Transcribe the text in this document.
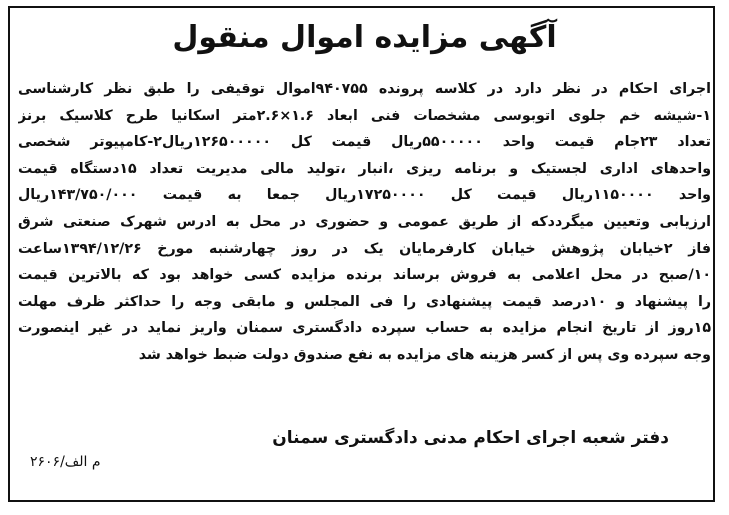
آگهی مزایده اموال منقول
اجرای احکام در نظر دارد در کلاسه پرونده ۹۴۰۷۵۵اموال توقیفی را طبق نظر کارشناسی
۱-شیشه خم جلوی اتوبوسی مشخصات فنی ابعاد ۱.۶×۲.۶متر اسکانیا طرح کلاسیک برنز
تعداد ۲۳جام قیمت واحد ۵۵۰۰۰۰۰ریال قیمت کل ۱۲۶۵۰۰۰۰۰ریال۲-کامپیوتر شخصی
واحدهای اداری لجستیک و برنامه ریزی ،انبار ،تولید مالی مدیریت تعداد ۱۵دستگاه قیمت
واحد ۱۱۵۰۰۰۰ریال قیمت کل ۱۷۲۵۰۰۰۰ریال جمعا به قیمت ۱۴۳/۷۵۰/۰۰۰ریال
ارزیابی وتعیین میگرددکه از طریق عمومی و حضوری در محل به ادرس شهرک صنعتی شرق
فاز ۲خیابان پژوهش خیابان کارفرمایان یک در روز چهارشنبه مورخ ۱۳۹۴/۱۲/۲۶ساعت
۱۰/صبح در محل اعلامی به فروش برساند برنده مزایده کسی خواهد بود که بالاترین قیمت
را پیشنهاد و ۱۰درصد قیمت پیشنهادی را فی المجلس و مابقی وجه را حداکثر ظرف مهلت
۱۵روز از تاریخ انجام مزایده به حساب سپرده دادگستری سمنان واریز نماید در غیر اینصورت
وجه سپرده وی پس از کسر هزینه های مزایده به نفع صندوق دولت ضبط خواهد شد
دفتر شعبه اجرای احکام مدنی دادگستری سمنان
م الف/۲۶۰۶
